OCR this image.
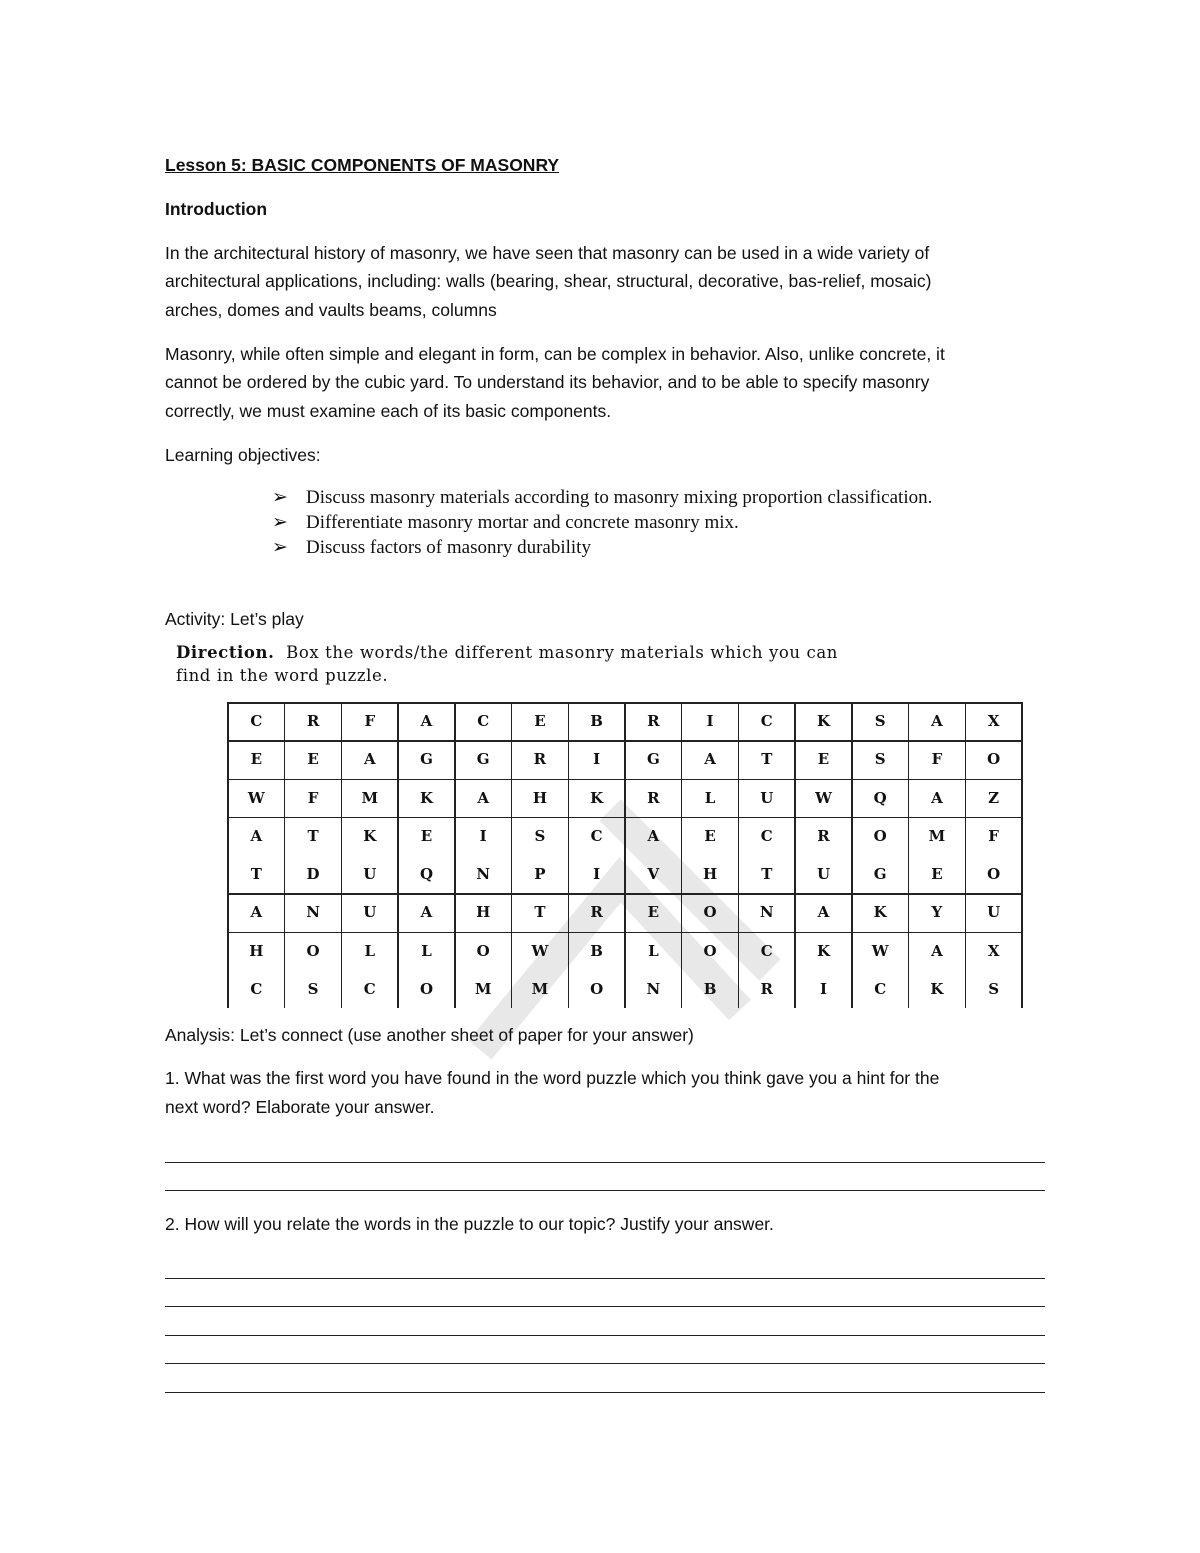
Lesson 5: BASIC COMPONENTS OF MASONRY
Introduction
In the architectural history of masonry, we have seen that masonry can be used in a wide variety of
architectural applications, including: walls (bearing, shear, structural, decorative, bas-relief, mosaic)
arches, domes and vaults beams, columns
Masonry, while often simple and elegant in form, can be complex in behavior. Also, unlike concrete, it
cannot be ordered by the cubic yard. To understand its behavior, and to be able to specify masonry
correctly, we must examine each of its basic components.
Learning objectives:
➢ Discuss masonry materials according to masonry mixing proportion classification.
➢ Differentiate masonry mortar and concrete masonry mix.
➢ Discuss factors of masonry durability
Activity: Let’s play
Direction. Box the words/the different masonry materials which you can
find in the word puzzle.
C	R	F	A	C	E	B	R	I	C	K	S	A	X
E	E	A	G	G	R	I	G	A	T	E	S	F	O
W	F	M	K	A	H	K	R	L	U	W	Q	A	Z
A	T	K	E	I	S	C	A	E	C	R	O	M	F
T	D	U	Q	N	P	I	V	H	T	U	G	E	O
A	N	U	A	H	T	R	E	O	N	A	K	Y	U
H	O	L	L	O	W	B	L	O	C	K	W	A	X
C	S	C	O	M	M	O	N	B	R	I	C	K	S
Analysis: Let’s connect (use another sheet of paper for your answer)
1. What was the first word you have found in the word puzzle which you think gave you a hint for the
next word? Elaborate your answer.
2. How will you relate the words in the puzzle to our topic? Justify your answer.
